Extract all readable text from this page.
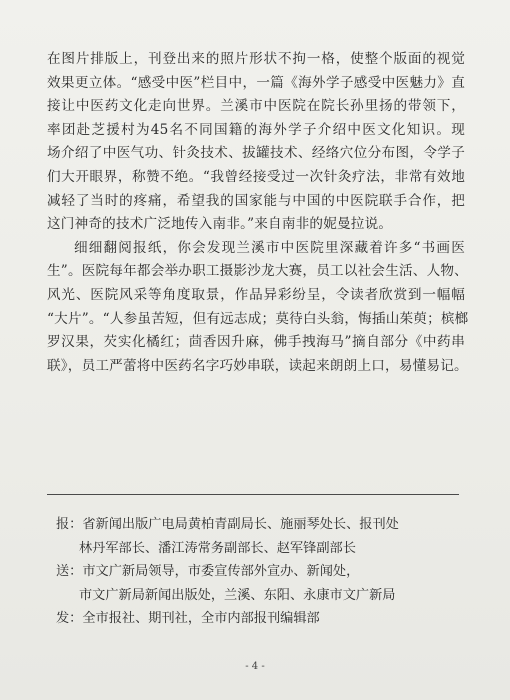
在图片排版上，刊登出来的照片形状不拘一格，使整个版面的视觉
效果更立体。“感受中医”栏目中，一篇《海外学子感受中医魅力》直
接让中医药文化走向世界。兰溪市中医院在院长孙里扬的带领下，
率团赴芝援村为45名不同国籍的海外学子介绍中医文化知识。现
场介绍了中医气功、针灸技术、拔罐技术、经络穴位分布图，令学子
们大开眼界，称赞不绝。“我曾经接受过一次针灸疗法，非常有效地
减轻了当时的疼痛，希望我的国家能与中国的中医院联手合作，把
这门神奇的技术广泛地传入南非。”来自南非的妮曼拉说。
细细翻阅报纸，你会发现兰溪市中医院里深藏着许多“书画医
生”。医院每年都会举办职工摄影沙龙大赛，员工以社会生活、人物、
风光、医院风采等角度取景，作品异彩纷呈，令读者欣赏到一幅幅
“大片”。“人参虽苦短，但有远志成；莫待白头翁，悔插山茱萸；槟榔
罗汉果，芡实化橘红；茴香因升麻，佛手拽海马”摘自部分《中药串
联》，员工严蕾将中医药名字巧妙串联，读起来朗朗上口，易懂易记。
报：省新闻出版广电局黄柏青副局长、施丽琴处长、报刊处
林丹军部长、潘江涛常务副部长、赵军锋副部长
送：市文广新局领导，市委宣传部外宣办、新闻处，
市文广新局新闻出版处，兰溪、东阳、永康市文广新局
发：全市报社、期刊社，全市内部报刊编辑部
- 4 -
